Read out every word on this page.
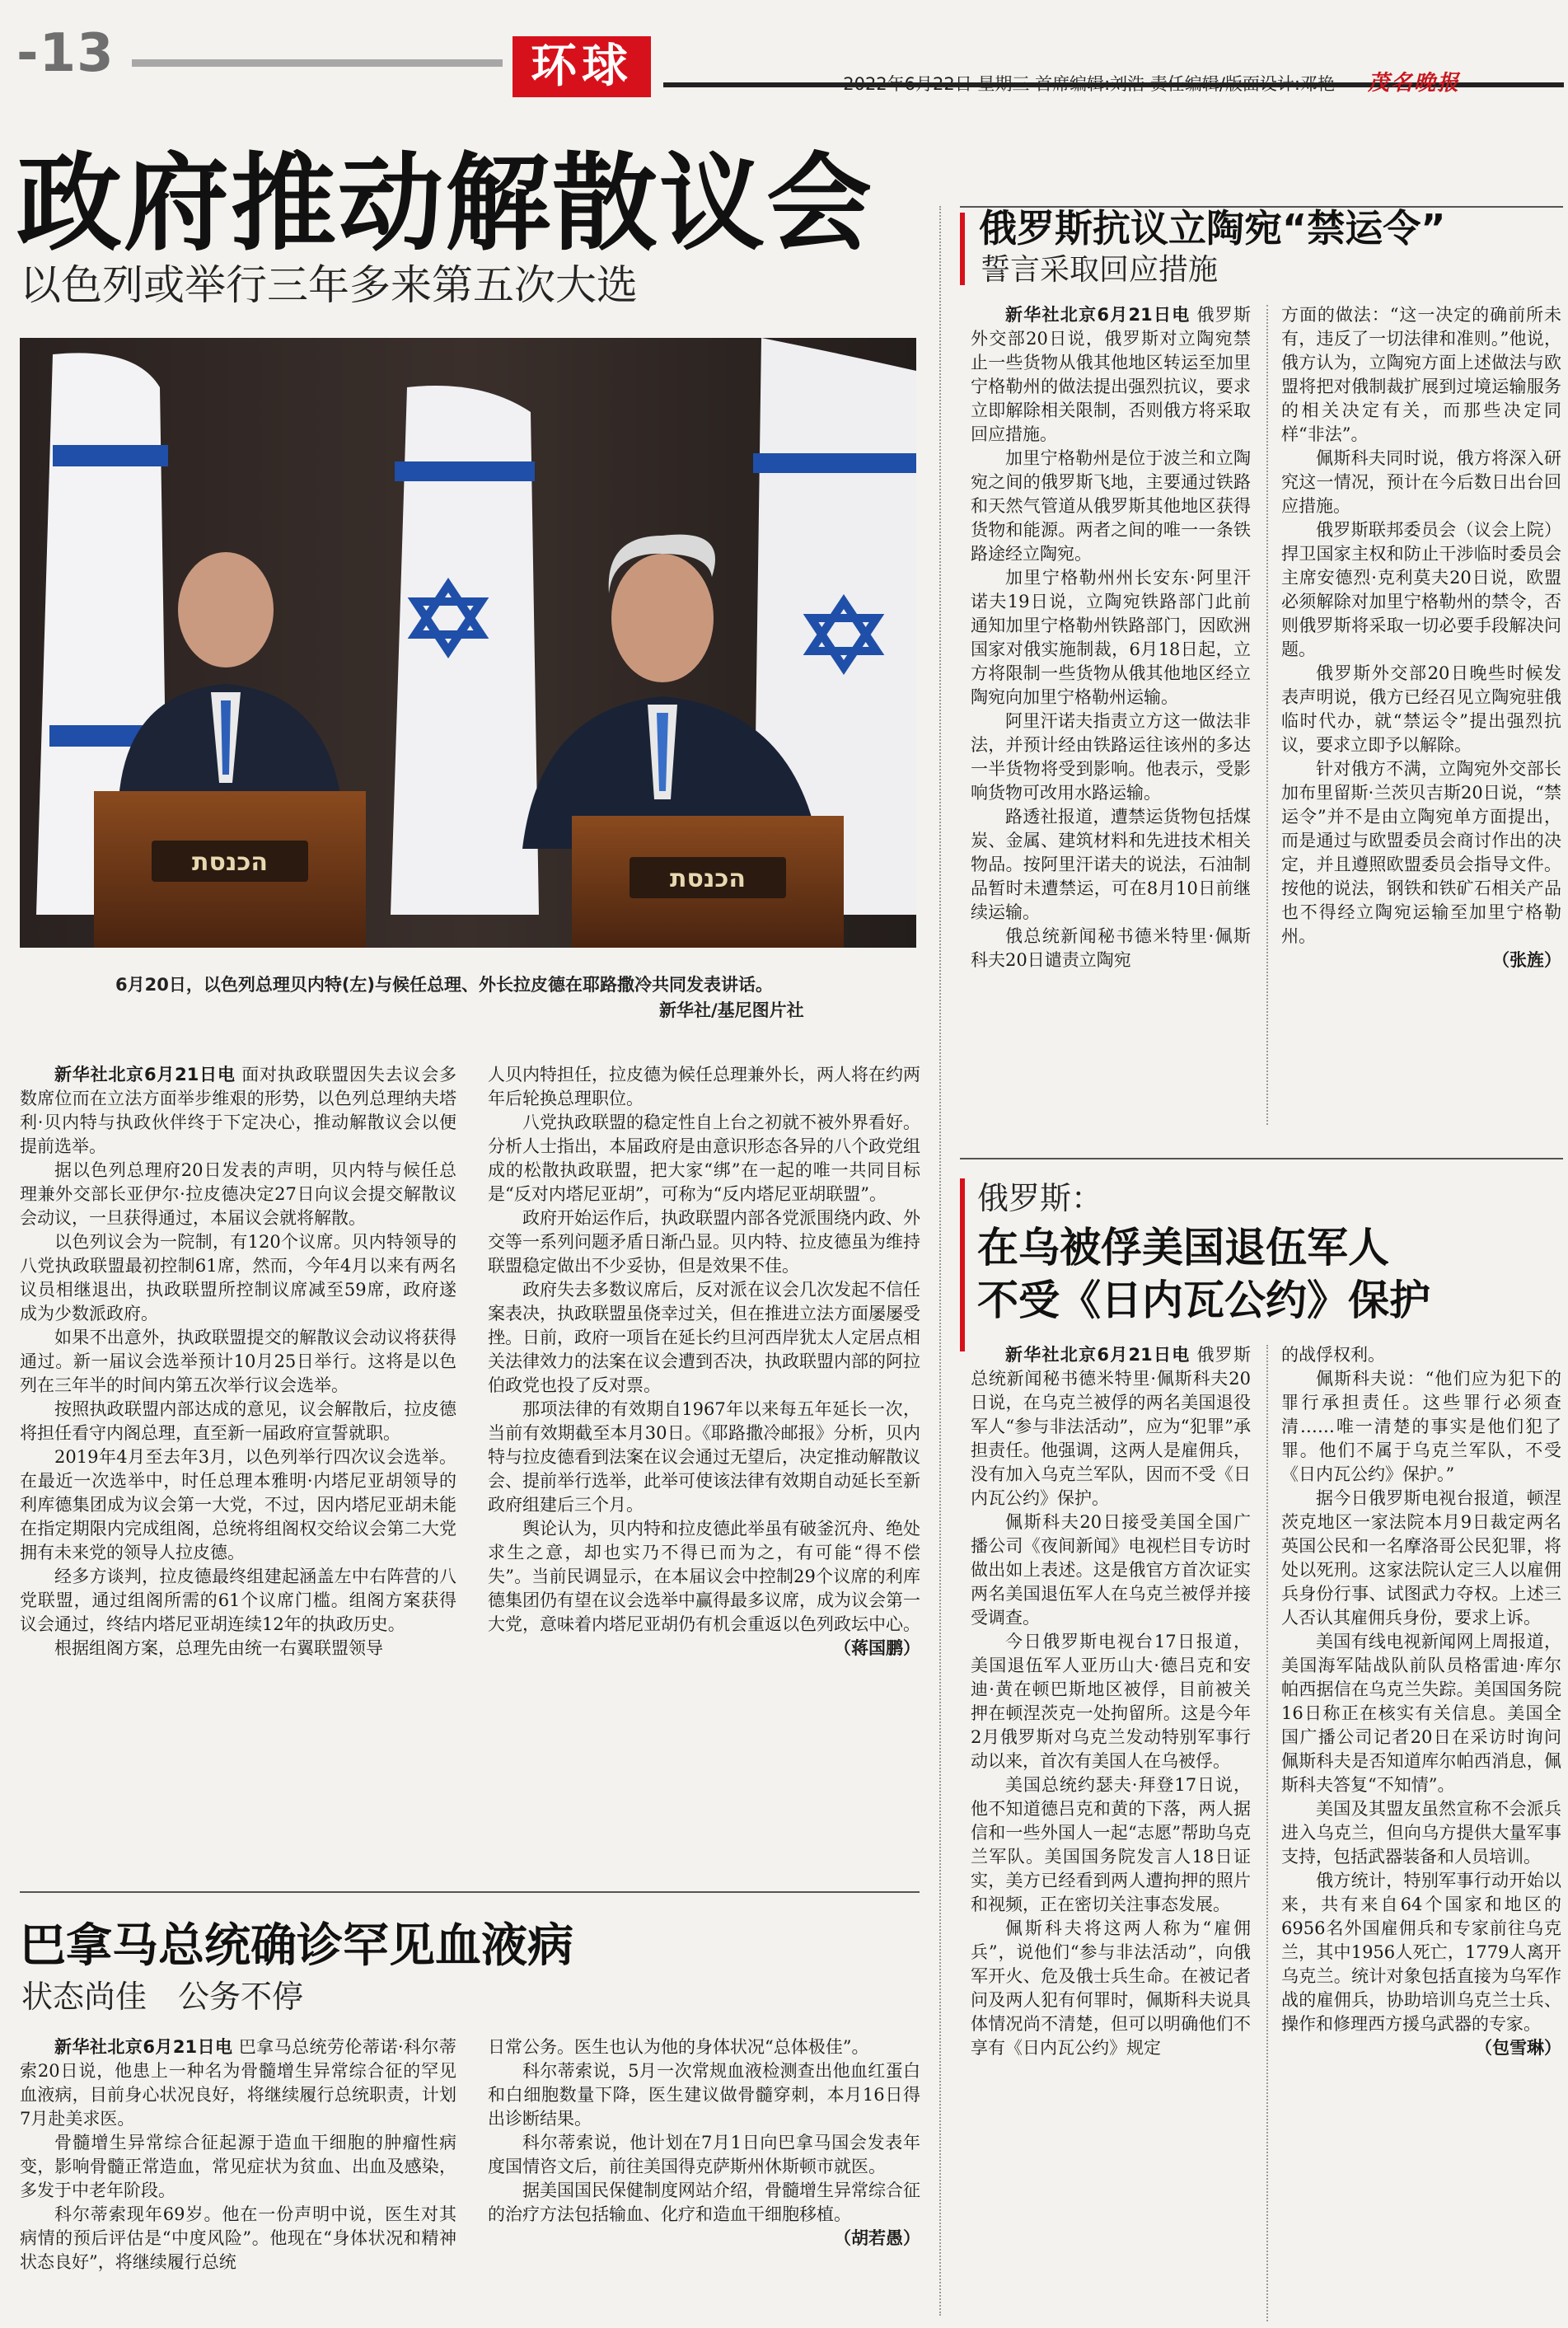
-13	环球	2022年6月22日 星期三 首席编辑:刘浩 责任编辑/版面设计:邓艳 茂名晚报
政府推动解散议会
以色列或举行三年多来第五次大选
הכנסת
הכנסת
6月20日，以色列总理贝内特(左)与候任总理、外长拉皮德在耶路撒冷共同发表讲话。
新华社/基尼图片社

新华社北京6月21日电 面对执政联盟因失去议会多数席位而在立法方面举步维艰的形势，以色列总理纳夫塔利·贝内特与执政伙伴终于下定决心，推动解散议会以便提前选举。

据以色列总理府20日发表的声明，贝内特与候任总理兼外交部长亚伊尔·拉皮德决定27日向议会提交解散议会动议，一旦获得通过，本届议会就将解散。

以色列议会为一院制，有120个议席。贝内特领导的八党执政联盟最初控制61席，然而，今年4月以来有两名议员相继退出，执政联盟所控制议席减至59席，政府遂成为少数派政府。

如果不出意外，执政联盟提交的解散议会动议将获得通过。新一届议会选举预计10月25日举行。这将是以色列在三年半的时间内第五次举行议会选举。

按照执政联盟内部达成的意见，议会解散后，拉皮德将担任看守内阁总理，直至新一届政府宣誓就职。

2019年4月至去年3月，以色列举行四次议会选举。在最近一次选举中，时任总理本雅明·内塔尼亚胡领导的利库德集团成为议会第一大党，不过，因内塔尼亚胡未能在指定期限内完成组阁，总统将组阁权交给议会第二大党拥有未来党的领导人拉皮德。

经多方谈判，拉皮德最终组建起涵盖左中右阵营的八党联盟，通过组阁所需的61个议席门槛。组阁方案获得议会通过，终结内塔尼亚胡连续12年的执政历史。

根据组阁方案，总理先由统一右翼联盟领导

人贝内特担任，拉皮德为候任总理兼外长，两人将在约两年后轮换总理职位。

八党执政联盟的稳定性自上台之初就不被外界看好。分析人士指出，本届政府是由意识形态各异的八个政党组成的松散执政联盟，把大家“绑”在一起的唯一共同目标是“反对内塔尼亚胡”，可称为“反内塔尼亚胡联盟”。

政府开始运作后，执政联盟内部各党派围绕内政、外交等一系列问题矛盾日渐凸显。贝内特、拉皮德虽为维持联盟稳定做出不少妥协，但是效果不佳。

政府失去多数议席后，反对派在议会几次发起不信任案表决，执政联盟虽侥幸过关，但在推进立法方面屡屡受挫。日前，政府一项旨在延长约旦河西岸犹太人定居点相关法律效力的法案在议会遭到否决，执政联盟内部的阿拉伯政党也投了反对票。

那项法律的有效期自1967年以来每五年延长一次，当前有效期截至本月30日。《耶路撒冷邮报》分析，贝内特与拉皮德看到法案在议会通过无望后，决定推动解散议会、提前举行选举，此举可使该法律有效期自动延长至新政府组建后三个月。

舆论认为，贝内特和拉皮德此举虽有破釜沉舟、绝处求生之意，却也实乃不得已而为之，有可能“得不偿失”。当前民调显示，在本届议会中控制29个议席的利库德集团仍有望在议会选举中赢得最多议席，成为议会第一大党，意味着内塔尼亚胡仍有机会重返以色列政坛中心。

（蒋国鹏）

巴拿马总统确诊罕见血液病
状态尚佳　公务不停

新华社北京6月21日电 巴拿马总统劳伦蒂诺·科尔蒂索20日说，他患上一种名为骨髓增生异常综合征的罕见血液病，目前身心状况良好，将继续履行总统职责，计划7月赴美求医。

骨髓增生异常综合征起源于造血干细胞的肿瘤性病变，影响骨髓正常造血，常见症状为贫血、出血及感染，多发于中老年阶段。

科尔蒂索现年69岁。他在一份声明中说，医生对其病情的预后评估是“中度风险”。他现在“身体状况和精神状态良好”，将继续履行总统

日常公务。医生也认为他的身体状况“总体极佳”。

科尔蒂索说，5月一次常规血液检测查出他血红蛋白和白细胞数量下降，医生建议做骨髓穿刺，本月16日得出诊断结果。

科尔蒂索说，他计划在7月1日向巴拿马国会发表年度国情咨文后，前往美国得克萨斯州休斯顿市就医。

据美国国民保健制度网站介绍，骨髓增生异常综合征的治疗方法包括输血、化疗和造血干细胞移植。

（胡若愚）

俄罗斯抗议立陶宛“禁运令”
誓言采取回应措施

新华社北京6月21日电 俄罗斯外交部20日说，俄罗斯对立陶宛禁止一些货物从俄其他地区转运至加里宁格勒州的做法提出强烈抗议，要求立即解除相关限制，否则俄方将采取回应措施。

加里宁格勒州是位于波兰和立陶宛之间的俄罗斯飞地，主要通过铁路和天然气管道从俄罗斯其他地区获得货物和能源。两者之间的唯一一条铁路途经立陶宛。

加里宁格勒州州长安东·阿里汗诺夫19日说，立陶宛铁路部门此前通知加里宁格勒州铁路部门，因欧洲国家对俄实施制裁，6月18日起，立方将限制一些货物从俄其他地区经立陶宛向加里宁格勒州运输。

阿里汗诺夫指责立方这一做法非法，并预计经由铁路运往该州的多达一半货物将受到影响。他表示，受影响货物可改用水路运输。

路透社报道，遭禁运货物包括煤炭、金属、建筑材料和先进技术相关物品。按阿里汗诺夫的说法，石油制品暂时未遭禁运，可在8月10日前继续运输。

俄总统新闻秘书德米特里·佩斯科夫20日谴责立陶宛

方面的做法：“这一决定的确前所未有，违反了一切法律和准则。”他说，俄方认为，立陶宛方面上述做法与欧盟将把对俄制裁扩展到过境运输服务的相关决定有关，而那些决定同样“非法”。

佩斯科夫同时说，俄方将深入研究这一情况，预计在今后数日出台回应措施。

俄罗斯联邦委员会（议会上院）捍卫国家主权和防止干涉临时委员会主席安德烈·克利莫夫20日说，欧盟必须解除对加里宁格勒州的禁令，否则俄罗斯将采取一切必要手段解决问题。

俄罗斯外交部20日晚些时候发表声明说，俄方已经召见立陶宛驻俄临时代办，就“禁运令”提出强烈抗议，要求立即予以解除。

针对俄方不满，立陶宛外交部长加布里留斯·兰茨贝吉斯20日说，“禁运令”并不是由立陶宛单方面提出，而是通过与欧盟委员会商讨作出的决定，并且遵照欧盟委员会指导文件。按他的说法，钢铁和铁矿石相关产品也不得经立陶宛运输至加里宁格勒州。

（张旌）

俄罗斯：
在乌被俘美国退伍军人
不受《日内瓦公约》保护

新华社北京6月21日电 俄罗斯总统新闻秘书德米特里·佩斯科夫20日说，在乌克兰被俘的两名美国退役军人“参与非法活动”，应为“犯罪”承担责任。他强调，这两人是雇佣兵，没有加入乌克兰军队，因而不受《日内瓦公约》保护。

佩斯科夫20日接受美国全国广播公司《夜间新闻》电视栏目专访时做出如上表述。这是俄官方首次证实两名美国退伍军人在乌克兰被俘并接受调查。

今日俄罗斯电视台17日报道，美国退伍军人亚历山大·德吕克和安迪·黄在顿巴斯地区被俘，目前被关押在顿涅茨克一处拘留所。这是今年2月俄罗斯对乌克兰发动特别军事行动以来，首次有美国人在乌被俘。

美国总统约瑟夫·拜登17日说，他不知道德吕克和黄的下落，两人据信和一些外国人一起“志愿”帮助乌克兰军队。美国国务院发言人18日证实，美方已经看到两人遭拘押的照片和视频，正在密切关注事态发展。

佩斯科夫将这两人称为“雇佣兵”，说他们“参与非法活动”，向俄军开火、危及俄士兵生命。在被记者问及两人犯有何罪时，佩斯科夫说具体情况尚不清楚，但可以明确他们不享有《日内瓦公约》规定

的战俘权利。

佩斯科夫说：“他们应为犯下的罪行承担责任。这些罪行必须查清……唯一清楚的事实是他们犯了罪。他们不属于乌克兰军队，不受《日内瓦公约》保护。”

据今日俄罗斯电视台报道，顿涅茨克地区一家法院本月9日裁定两名英国公民和一名摩洛哥公民犯罪，将处以死刑。这家法院认定三人以雇佣兵身份行事、试图武力夺权。上述三人否认其雇佣兵身份，要求上诉。

美国有线电视新闻网上周报道，美国海军陆战队前队员格雷迪·库尔帕西据信在乌克兰失踪。美国国务院16日称正在核实有关信息。美国全国广播公司记者20日在采访时询问佩斯科夫是否知道库尔帕西消息，佩斯科夫答复“不知情”。

美国及其盟友虽然宣称不会派兵进入乌克兰，但向乌方提供大量军事支持，包括武器装备和人员培训。

俄方统计，特别军事行动开始以来，共有来自64个国家和地区的6956名外国雇佣兵和专家前往乌克兰，其中1956人死亡，1779人离开乌克兰。统计对象包括直接为乌军作战的雇佣兵，协助培训乌克兰士兵、操作和修理西方援乌武器的专家。

（包雪琳）
